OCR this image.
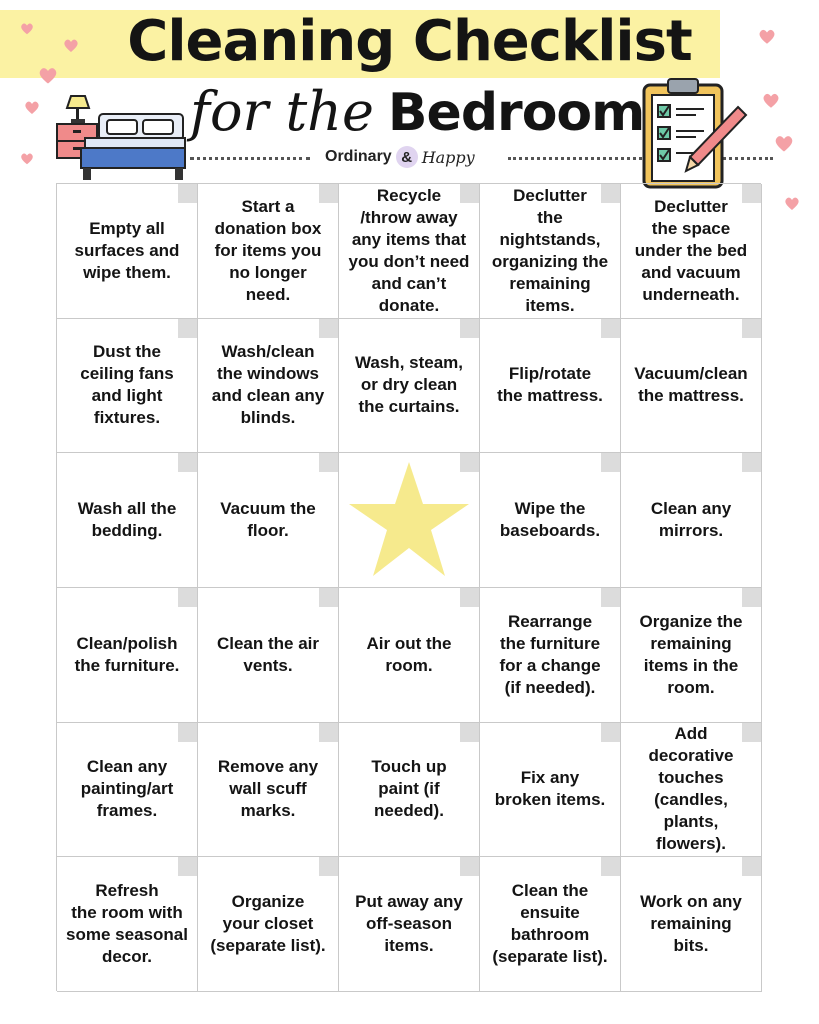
Cleaning Checklist
for the Bedroom
Ordinary & Happy
Empty all
surfaces and
wipe them.
Start a
donation box
for items you
no longer
need.
Recycle
/throw away
any items that
you don’t need
and can’t
donate.
Declutter
the
nightstands,
organizing the
remaining
items.
Declutter
the space
under the bed
and vacuum
underneath.
Dust the
ceiling fans
and light
fixtures.
Wash/clean
the windows
and clean any
blinds.
Wash, steam,
or dry clean
the curtains.
Flip/rotate
the mattress.
Vacuum/clean
the mattress.
Wash all the
bedding.
Vacuum the
floor.
Wipe the
baseboards.
Clean any
mirrors.
Clean/polish
the furniture.
Clean the air
vents.
Air out the
room.
Rearrange
the furniture
for a change
(if needed).
Organize the
remaining
items in the
room.
Clean any
painting/art
frames.
Remove any
wall scuff
marks.
Touch up
paint (if
needed).
Fix any
broken items.
Add
decorative
touches
(candles,
plants,
flowers).
Refresh
the room with
some seasonal
decor.
Organize
your closet
(separate list).
Put away any
off-season
items.
Clean the
ensuite
bathroom
(separate list).
Work on any
remaining
bits.
